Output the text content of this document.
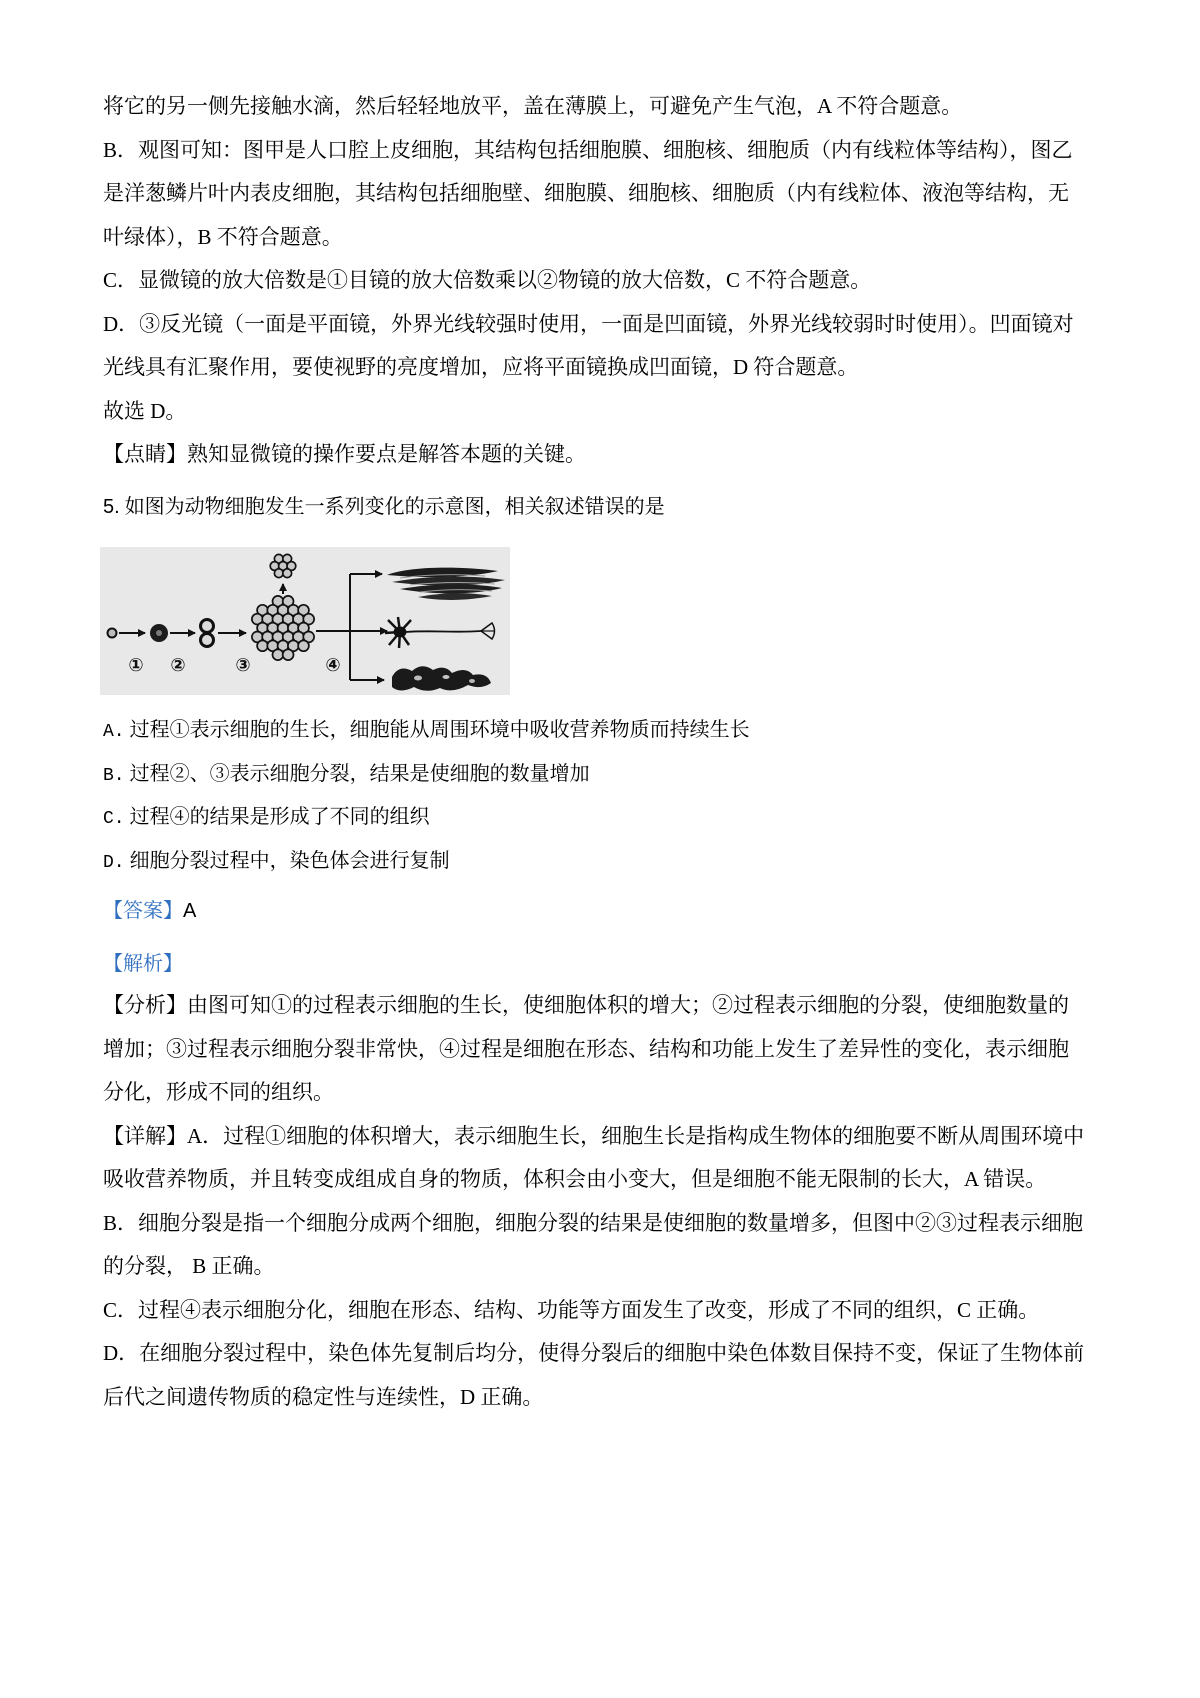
将它的另一侧先接触水滴，然后轻轻地放平，盖在薄膜上，可避免产生气泡，A 不符合题意。
B．观图可知：图甲是人口腔上皮细胞，其结构包括细胞膜、细胞核、细胞质（内有线粒体等结构），图乙
是洋葱鳞片叶内表皮细胞，其结构包括细胞壁、细胞膜、细胞核、细胞质（内有线粒体、液泡等结构，无
叶绿体），B 不符合题意。
C．显微镜的放大倍数是①目镜的放大倍数乘以②物镜的放大倍数，C 不符合题意。
D．③反光镜（一面是平面镜，外界光线较强时使用，一面是凹面镜，外界光线较弱时时使用）。凹面镜对
光线具有汇聚作用，要使视野的亮度增加，应将平面镜换成凹面镜，D 符合题意。
故选 D。
【点睛】熟知显微镜的操作要点是解答本题的关键。
5. 如图为动物细胞发生一系列变化的示意图，相关叙述错误的是
① ②	③	④
A. 过程①表示细胞的生长，细胞能从周围环境中吸收营养物质而持续生长
B. 过程②、③表示细胞分裂，结果是使细胞的数量增加
C. 过程④的结果是形成了不同的组织
D. 细胞分裂过程中，染色体会进行复制
【答案】A
【解析】
【分析】由图可知①的过程表示细胞的生长，使细胞体积的增大；②过程表示细胞的分裂，使细胞数量的
增加；③过程表示细胞分裂非常快，④过程是细胞在形态、结构和功能上发生了差异性的变化，表示细胞
分化，形成不同的组织。
【详解】A．过程①细胞的体积增大，表示细胞生长，细胞生长是指构成生物体的细胞要不断从周围环境中
吸收营养物质，并且转变成组成自身的物质，体积会由小变大，但是细胞不能无限制的长大，A 错误。
B．细胞分裂是指一个细胞分成两个细胞，细胞分裂的结果是使细胞的数量增多，但图中②③过程表示细胞
的分裂， B 正确。
C．过程④表示细胞分化，细胞在形态、结构、功能等方面发生了改变，形成了不同的组织，C 正确。
D．在细胞分裂过程中，染色体先复制后均分，使得分裂后的细胞中染色体数目保持不变，保证了生物体前
后代之间遗传物质的稳定性与连续性，D 正确。
